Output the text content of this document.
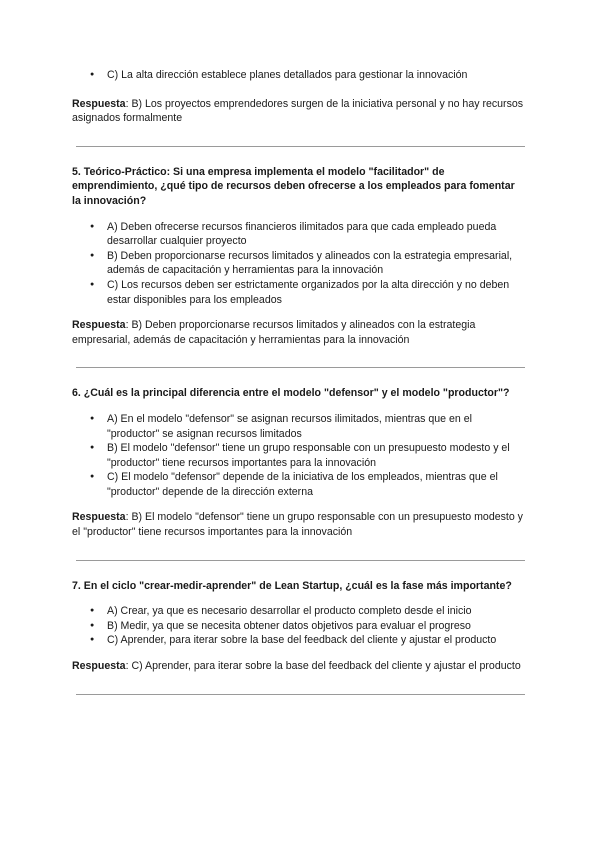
● C) La alta dirección establece planes detallados para gestionar la innovación

Respuesta: B) Los proyectos emprendedores surgen de la iniciativa personal y no hay recursos asignados formalmente

5. Teórico-Práctico: Si una empresa implementa el modelo "facilitador" de emprendimiento, ¿qué tipo de recursos deben ofrecerse a los empleados para fomentar la innovación?

● A) Deben ofrecerse recursos financieros ilimitados para que cada empleado pueda desarrollar cualquier proyecto
● B) Deben proporcionarse recursos limitados y alineados con la estrategia empresarial, además de capacitación y herramientas para la innovación
● C) Los recursos deben ser estrictamente organizados por la alta dirección y no deben estar disponibles para los empleados

Respuesta: B) Deben proporcionarse recursos limitados y alineados con la estrategia empresarial, además de capacitación y herramientas para la innovación

6. ¿Cuál es la principal diferencia entre el modelo "defensor" y el modelo "productor"?

● A) En el modelo "defensor" se asignan recursos ilimitados, mientras que en el "productor" se asignan recursos limitados
● B) El modelo "defensor" tiene un grupo responsable con un presupuesto modesto y el "productor" tiene recursos importantes para la innovación
● C) El modelo "defensor" depende de la iniciativa de los empleados, mientras que el "productor" depende de la dirección externa

Respuesta: B) El modelo "defensor" tiene un grupo responsable con un presupuesto modesto y el "productor" tiene recursos importantes para la innovación

7. En el ciclo "crear-medir-aprender" de Lean Startup, ¿cuál es la fase más importante?

● A) Crear, ya que es necesario desarrollar el producto completo desde el inicio
● B) Medir, ya que se necesita obtener datos objetivos para evaluar el progreso
● C) Aprender, para iterar sobre la base del feedback del cliente y ajustar el producto

Respuesta: C) Aprender, para iterar sobre la base del feedback del cliente y ajustar el producto
